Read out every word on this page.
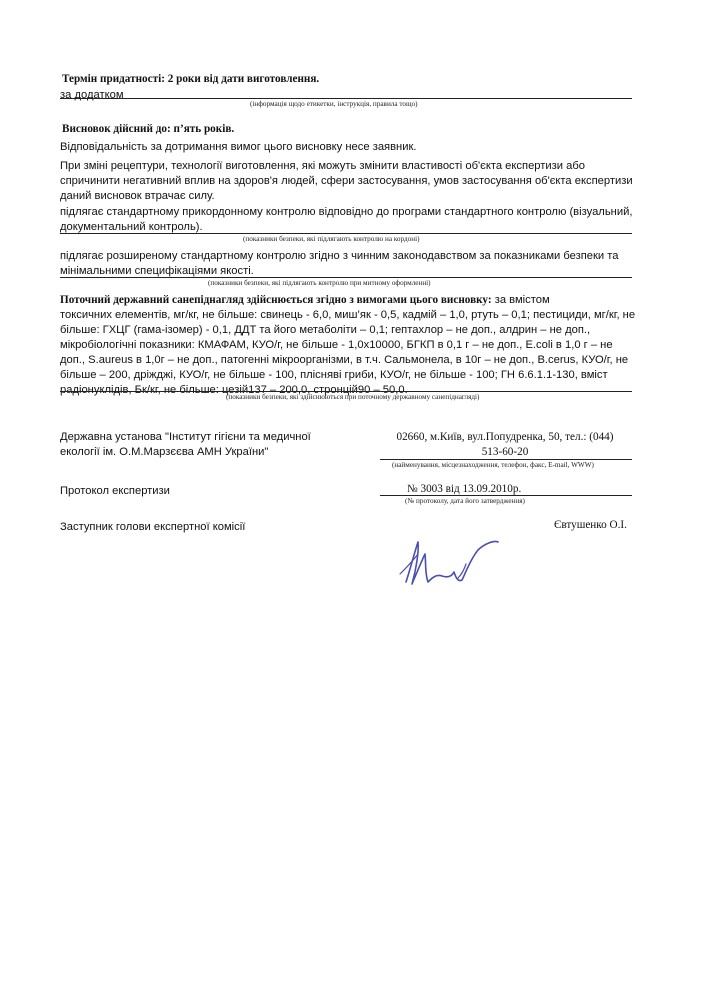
Термін придатності: 2 роки від дати виготовлення.
за додатком
(інформація щодо етикетки, інструкція, правила тощо)
Висновок дійсний до: п’ять років.
Відповідальність за дотримання вимог цього висновку несе заявник.
При зміні рецептури, технології виготовлення, які можуть змінити властивості об'єкта експертизи або
спричинити негативний вплив на здоров'я людей, сфери застосування, умов застосування об'єкта експертизи
даний висновок втрачає силу.
підлягає стандартному прикордонному контролю відповідно до програми стандартного контролю (візуальний,
документальний контроль).
(показники безпеки, які підлягають контролю на кордоні)
підлягає розширеному стандартному контролю згідно з чинним законодавством за показниками безпеки та
мінімальними специфікаціями якості.
(показники безпеки, які підлягають контролю при митному оформленні)
Поточний державний санепіднагляд здійснюється згідно з вимогами цього висновку: за вмістом
токсичних елементів, мг/кг, не більше: свинець - 6,0, миш’як - 0,5, кадмій – 1,0, ртуть – 0,1; пестициди, мг/кг, не
більше: ГХЦГ (гама-ізомер) - 0,1, ДДТ та його метаболіти – 0,1; гептахлор – не доп., алдрин – не доп.,
мікробіологічні показники: КМАФАМ, КУО/г, не більше - 1,0х10000, БГКП в 0,1 г – не доп., E.coli в 1,0 г – не
доп., S.aureus в 1,0г – не доп., патогенні мікроорганізми, в т.ч. Сальмонела, в 10г – не доп., B.cerus, КУО/г, не
більше – 200, дріжджі, КУО/г, не більше - 100, плісняві гриби, КУО/г, не більше - 100; ГН 6.6.1.1-130, вміст
радіонуклідів, Бк/кг, не більше: цезій137 – 200,0, стронцій90 – 50,0.
(показники безпеки, які здійснюються при поточному державному санепіднагляді)
Державна установа "Інститут гігієни та медичної
екології ім. О.М.Марзєєва АМН України"
02660, м.Київ, вул.Попудренка, 50, тел.: (044)
513-60-20
(найменування, місцезнаходження, телефон, факс, E-mail, WWW)
Протокол експертизи	№ 3003 від 13.09.2010р.
(№ протоколу, дата його затвердження)
Заступник голови експертної комісії	Євтушенко О.І.
